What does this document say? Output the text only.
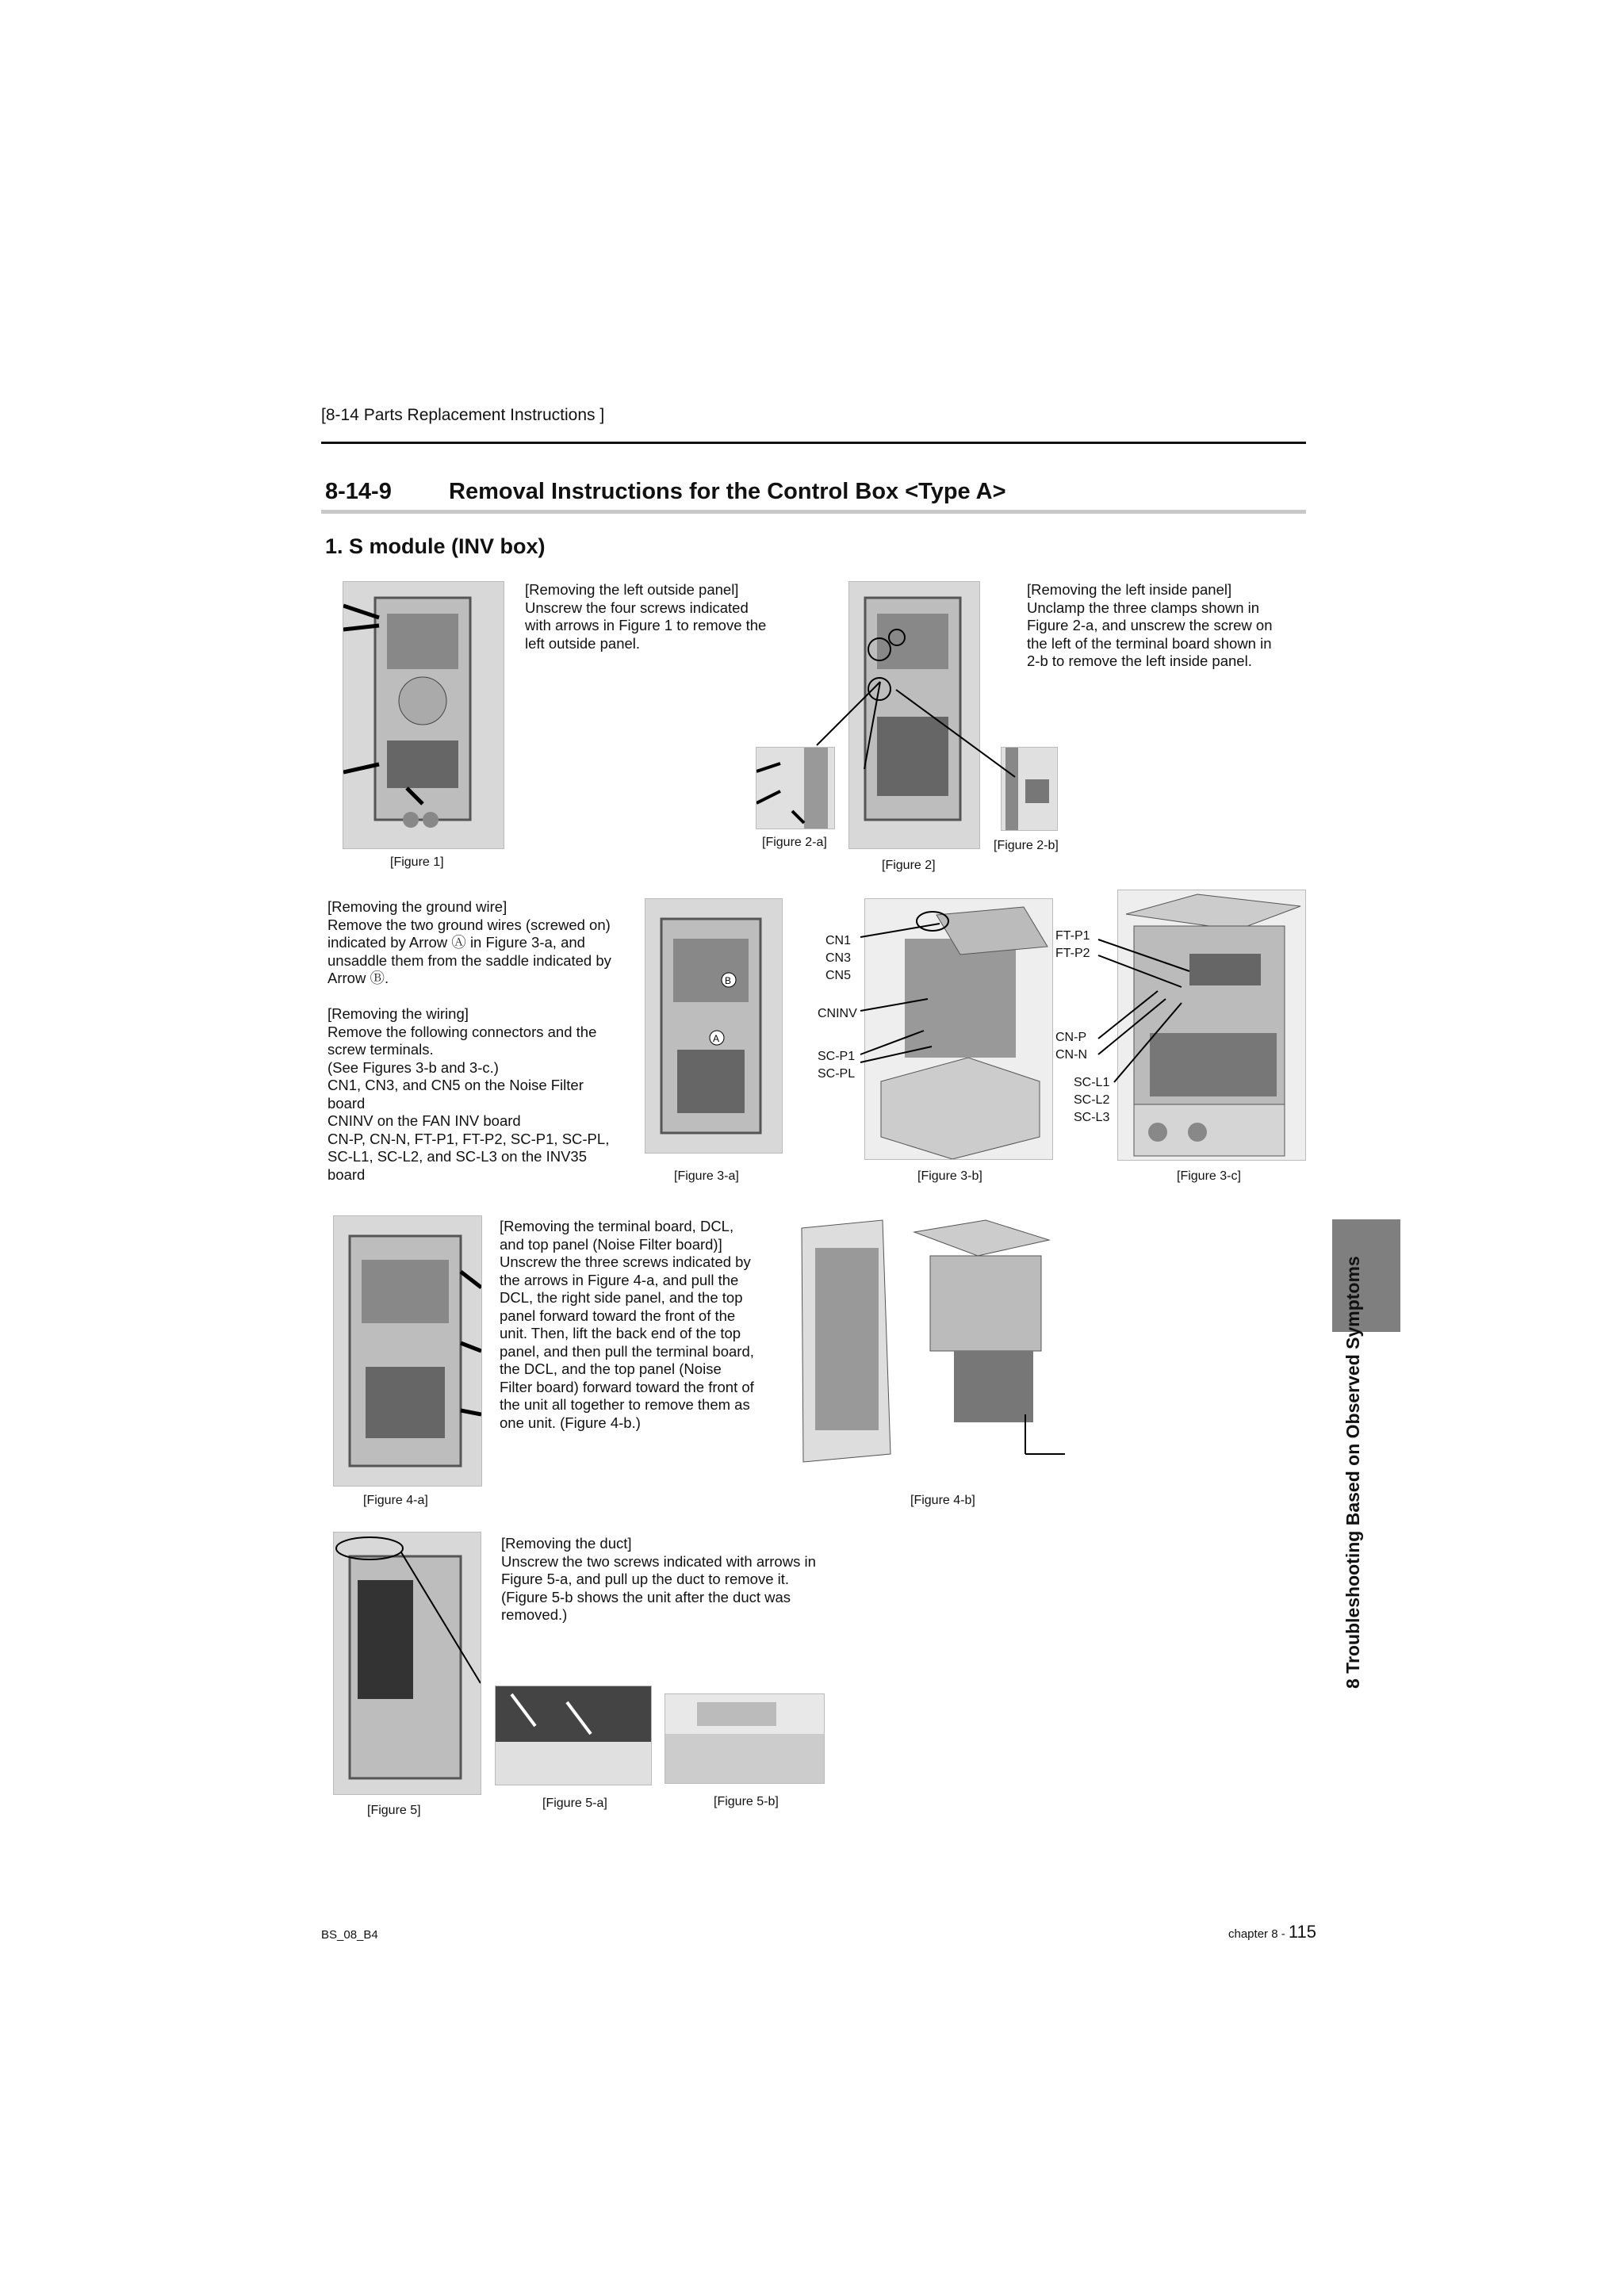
[8-14 Parts Replacement Instructions ]
8-14-9 Removal Instructions for the Control Box <Type A>
1. S module (INV box)
[Figure 1]
[Removing the left outside panel]
Unscrew the four screws indicated
with arrows in Figure 1 to remove the
left outside panel.
[Figure 2-a]
[Figure 2]
[Figure 2-b]
[Removing the left inside panel]
Unclamp the three clamps shown in
Figure 2-a, and unscrew the screw on
the left of the terminal board shown in
2-b to remove the left inside panel.
[Removing the ground wire]
Remove the two ground wires (screwed on)
indicated by Arrow Ⓐ in Figure 3-a, and
unsaddle them from the saddle indicated by
Arrow Ⓑ.
[Removing the wiring]
Remove the following connectors and the
screw terminals.
(See Figures 3-b and 3-c.)
CN1, CN3, and CN5 on the Noise Filter
board
CNINV on the FAN INV board
CN-P, CN-N, FT-P1, FT-P2, SC-P1, SC-PL,
SC-L1, SC-L2, and SC-L3 on the INV35
board
B
A
[Figure 3-a]
CN1
CN3
CN5
CNINV
SC-P1
SC-PL
[Figure 3-b]
FT-P1
FT-P2
CN-P
CN-N
SC-L1
SC-L2
SC-L3
[Figure 3-c]
[Figure 4-a]
[Removing the terminal board, DCL,
and top panel (Noise Filter board)]
Unscrew the three screws indicated by
the arrows in Figure 4-a, and pull the
DCL, the right side panel, and the top
panel forward toward the front of the
unit. Then, lift the back end of the top
panel, and then pull the terminal board,
the DCL, and the top panel (Noise
Filter board) forward toward the front of
the unit all together to remove them as
one unit. (Figure 4-b.)
[Figure 4-b]
[Figure 5]
[Figure 5-a]	[Figure 5-b]
[Removing the duct]
Unscrew the two screws indicated with arrows in
Figure 5-a, and pull up the duct to remove it.
(Figure 5-b shows the unit after the duct was
removed.)	8 Troubleshooting Based on Observed Symptoms
BS_08_B4	chapter 8 - 115
